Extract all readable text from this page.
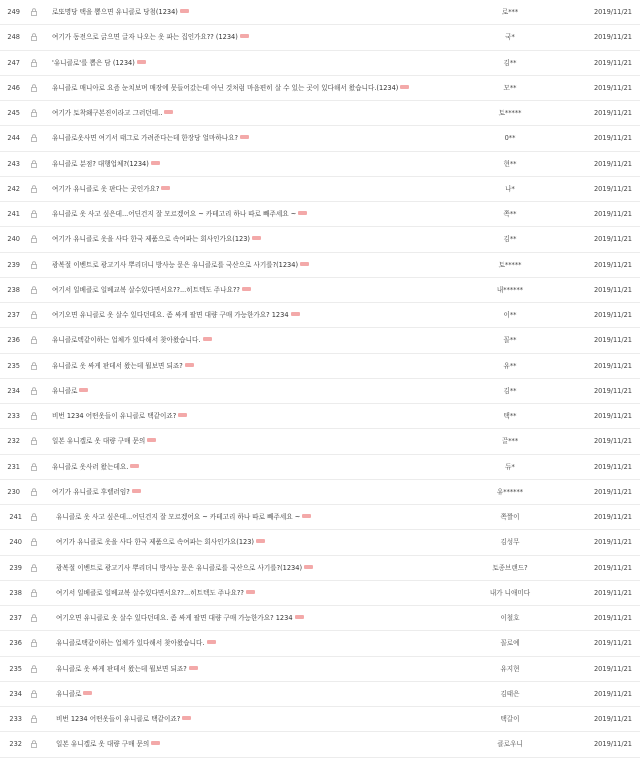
249	로또명당 택을 뽑으면 유니클로 당첨(1234)	로***	2019/11/21
248	여기가 동전으로 긁으면 글자 나오는 옷 파는 집인가요?? (1234)	국*	2019/11/21
247	'유니클로'를 뽑은 담 (1234)	김**	2019/11/21
246	유니클로 매니아로 요즘 눈치보며 매장에 못들어갔는데 아닌 것처럼 마음편히 살 수 있는 곳이 있다해서 왔습니다.(1234)	모**	2019/11/21
245	여기가 토착왜구본진이라고 그러던데..	토*****	2019/11/21
244	유니클로옷사면 여기서 태그로 가려준다는데 한장당 얼마하나요?	0**	2019/11/21
243	유니클로 분점? 대행업체?(1234)	현**	2019/11/21
242	여기가 유니클로 옷 판다는 곳인가요?	나*	2019/11/21
241	유니클로 옷 사고 싶은데...어딘건지 잘 모르겠어요 ~ 카테고리 하나 따로 빼주세요 ~	쪽**	2019/11/21
240	여기가 유니클로 옷을 사다 한국 제품으로 속여파는 회사인가요(123)	김**	2019/11/21
239	광복절 이벤트로 광고기사 뿌리더니 방사능 묻은 유니클로를 국산으로 사기를?(1234)	토*****	2019/11/21
238	여기서 일베클로 일베교복 살수있다면서요??...히트텍도 주나요??	내******	2019/11/21
237	여기오면 유니클로 옷 살수 있다던데요. 좀 싸게 팔면 대량 구매 가능한가요? 1234	이**	2019/11/21
236	유니클로텍같이하는 업체가 있다해서 찾아왔습니다.	꼴**	2019/11/21
235	유니클로 옷 싸게 판데서 왔는데 뭘보면 되죠?	유**	2019/11/21
234	유니클로	김**	2019/11/21
233	비번 1234 어떤옷들이 유니클로 택같이죠?	택**	2019/11/21
232	일본 유니겔로 옷 대량 구매 문의	끌***	2019/11/21
231	유니클로 옷사러 왔는데요.	듀*	2019/11/21
230	여기가 유니클로 후렐러임?	유******	2019/11/21
241	유니클로 옷 사고 싶은데...어딘건지 잘 모르겠어요 ~ 카테고리 하나 따로 빼주세요 ~	쪽짤이	2019/11/21
240	여기가 유니클로 옷을 사다 한국 제품으로 속여파는 회사인가요(123)	김성무	2019/11/21
239	광복절 이벤트로 광고기사 뿌리더니 방사능 묻은 유니클로를 국산으로 사기를?(1234)	토종브랜드?	2019/11/21
238	여기서 일베클로 일베교복 살수있다면서요??...히트텍도 주나요??	내가 니애미다	2019/11/21
237	여기오면 유니클로 옷 살수 있다던데요. 좀 싸게 팔면 대량 구매 가능한가요? 1234	이철호	2019/11/21
236	유니클로택같이하는 업체가 있다해서 찾아왔습니다.	꼴로예	2019/11/21
235	유니클로 옷 싸게 판데서 왔는데 뭘보면 되죠?	유지현	2019/11/21
234	유니클로	김태은	2019/11/21
233	비번 1234 어떤옷들이 유니클로 택같이죠?	택갈이	2019/11/21
232	일본 유니겔로 옷 대량 구매 문의	클로우니	2019/11/21
